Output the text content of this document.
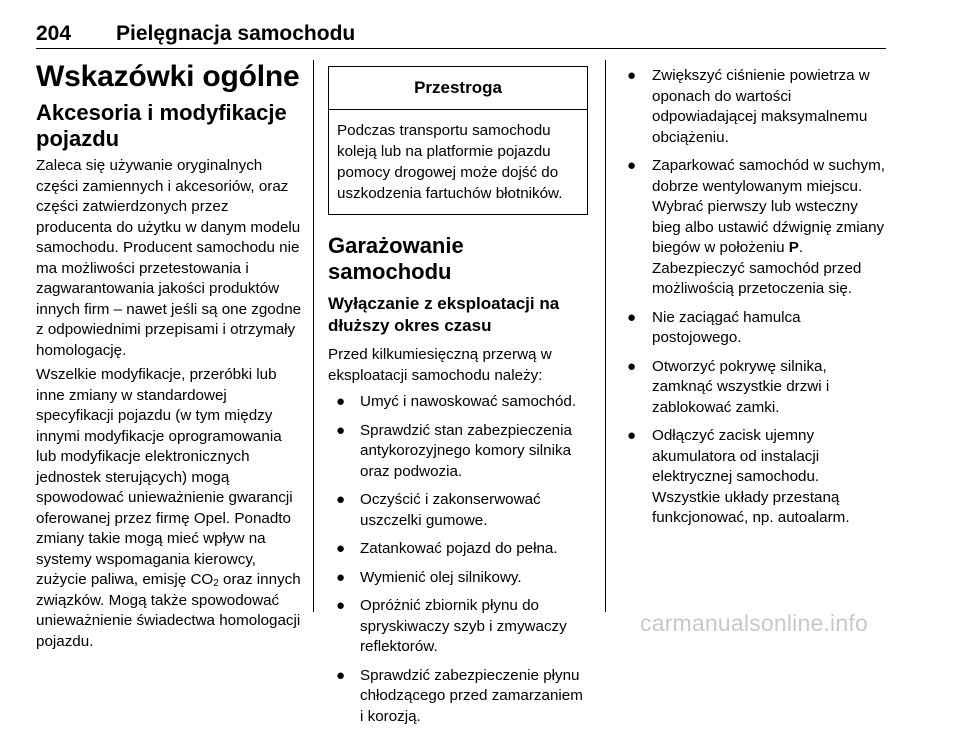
204 Pielęgnacja samochodu
Wskazówki ogólne
Akcesoria i modyfikacje pojazdu

Zaleca się używanie oryginalnych części zamiennych i akcesoriów, oraz części zatwierdzonych przez producenta do użytku w danym modelu samochodu. Producent samochodu nie ma możliwości przetestowania i zagwarantowania jakości produktów innych firm – nawet jeśli są one zgodne z odpowiednimi przepisami i otrzymały homologację.

Wszelkie modyfikacje, przeróbki lub inne zmiany w standardowej specyfikacji pojazdu (w tym między innymi modyfikacje oprogramowania lub modyfikacje elektronicznych jednostek sterujących) mogą spowodować unieważnienie gwarancji oferowanej przez firmę Opel. Ponadto zmiany takie mogą mieć wpływ na systemy wspomagania kierowcy, zużycie paliwa, emisję $CO_2$ oraz innych związków. Mogą także spowodować unieważnienie świadectwa homologacji pojazdu.

Przestroga
Podczas transportu samochodu koleją lub na platformie pojazdu pomocy drogowej może dojść do uszkodzenia fartuchów błotników.
Garażowanie samochodu
Wyłączanie z eksploatacji na dłuższy okres czasu

Przed kilkumiesięczną przerwą w eksploatacji samochodu należy:

● Umyć i nawoskować samochód.
● Sprawdzić stan zabezpieczenia antykorozyjnego komory silnika oraz podwozia.
● Oczyścić i zakonserwować uszczelki gumowe.
● Zatankować pojazd do pełna.
● Wymienić olej silnikowy.
● Opróżnić zbiornik płynu do spryskiwaczy szyb i zmywaczy reflektorów.
● Sprawdzić zabezpieczenie płynu chłodzącego przed zamarzaniem i korozją.
● Zwiększyć ciśnienie powietrza w oponach do wartości odpowiadającej maksymalnemu obciążeniu.
● Zaparkować samochód w suchym, dobrze wentylowanym miejscu. Wybrać pierwszy lub wsteczny bieg albo ustawić dźwignię zmiany biegów w położeniu P. Zabezpieczyć samochód przed możliwością przetoczenia się.
● Nie zaciągać hamulca postojowego.
● Otworzyć pokrywę silnika, zamknąć wszystkie drzwi i zablokować zamki.
● Odłączyć zacisk ujemny akumulatora od instalacji elektrycznej samochodu. Wszystkie układy przestaną funkcjonować, np. autoalarm.
carmanualsonline.info
